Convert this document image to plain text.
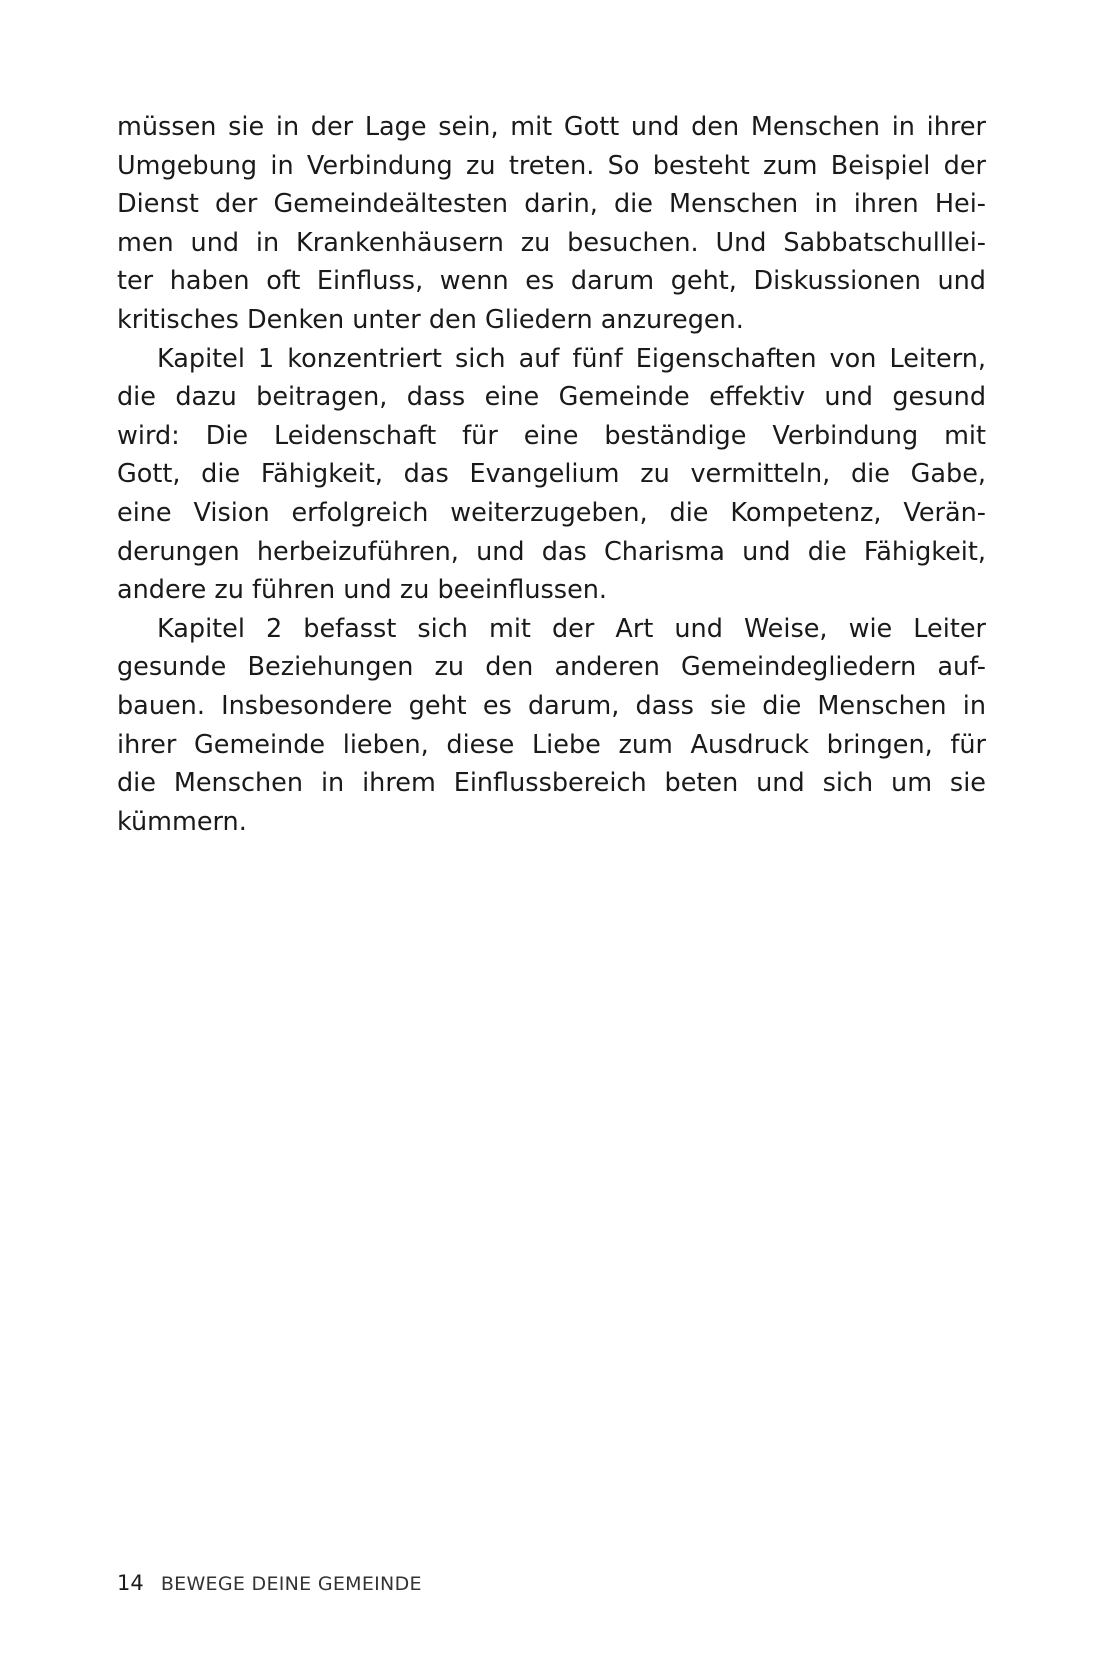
müssen sie in der Lage sein, mit Gott und den Menschen in ihrer
Umgebung in Verbindung zu treten. So besteht zum Beispiel der
Dienst der Gemeindeältesten darin, die Menschen in ihren Hei-
men und in Krankenhäusern zu besuchen. Und Sabbatschulllei-
ter haben oft Einfluss, wenn es darum geht, Diskussionen und
kritisches Denken unter den Gliedern anzuregen.

Kapitel 1 konzentriert sich auf fünf Eigenschaften von Leitern,
die dazu beitragen, dass eine Gemeinde effektiv und gesund
wird: Die Leidenschaft für eine beständige Verbindung mit
Gott, die Fähigkeit, das Evangelium zu vermitteln, die Gabe,
eine Vision erfolgreich weiterzugeben, die Kompetenz, Verän-
derungen herbeizuführen, und das Charisma und die Fähigkeit,
andere zu führen und zu beeinflussen.

Kapitel 2 befasst sich mit der Art und Weise, wie Leiter
gesunde Beziehungen zu den anderen Gemeindegliedern auf-
bauen. Insbesondere geht es darum, dass sie die Menschen in
ihrer Gemeinde lieben, diese Liebe zum Ausdruck bringen, für
die Menschen in ihrem Einflussbereich beten und sich um sie
kümmern.

14 BEWEGE DEINE GEMEINDE
